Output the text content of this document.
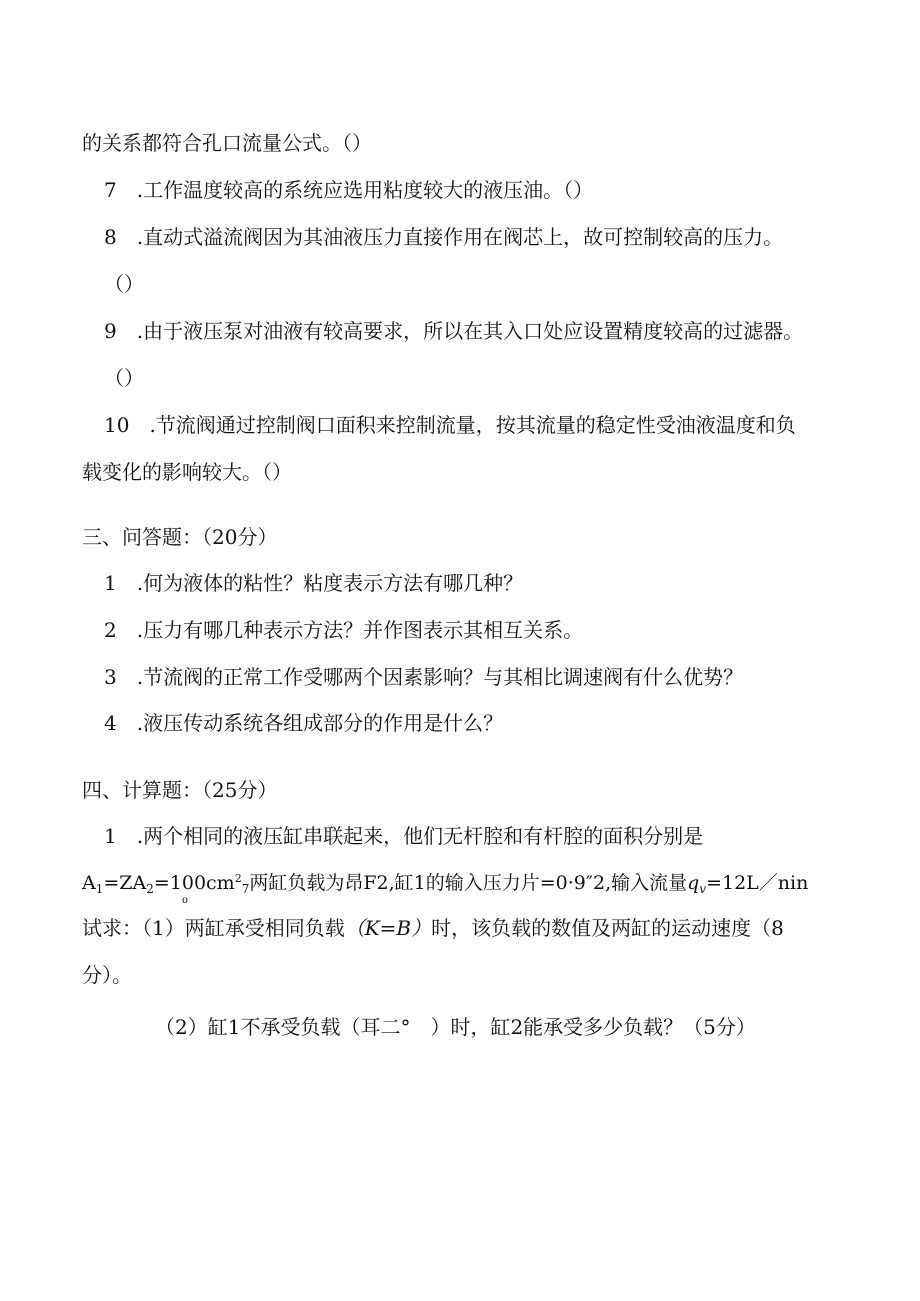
的关系都符合孔口流量公式。（）
7　.工作温度较高的系统应选用粘度较大的液压油。（）
8　.直动式溢流阀因为其油液压力直接作用在阀芯上，故可控制较高的压力。
（）
9　.由于液压泵对油液有较高要求，所以在其入口处应设置精度较高的过滤器。
（）
10　.节流阀通过控制阀口面积来控制流量，按其流量的稳定性受油液温度和负
载变化的影响较大。（）
三、问答题：（20分）
1　.何为液体的粘性？粘度表示方法有哪几种？
2　.压力有哪几种表示方法？并作图表示其相互关系。
3　.节流阀的正常工作受哪两个因素影响？与其相比调速阀有什么优势？
4　.液压传动系统各组成部分的作用是什么？
四、计算题：（25分）
1　.两个相同的液压缸串联起来，他们无杆腔和有杆腔的面积分别是
$A_1=ZA_2=100cm^2_7$两缸负载为昂F2,缸1的输入压力片=0·9″2,输入流量$q_v=12L/nin$
o
试求：（1）两缸承受相同负载（K=B）时，该负载的数值及两缸的运动速度（8
分）。
（2）缸1不承受负载（耳二°　）时，缸2能承受多少负载？（5分）
